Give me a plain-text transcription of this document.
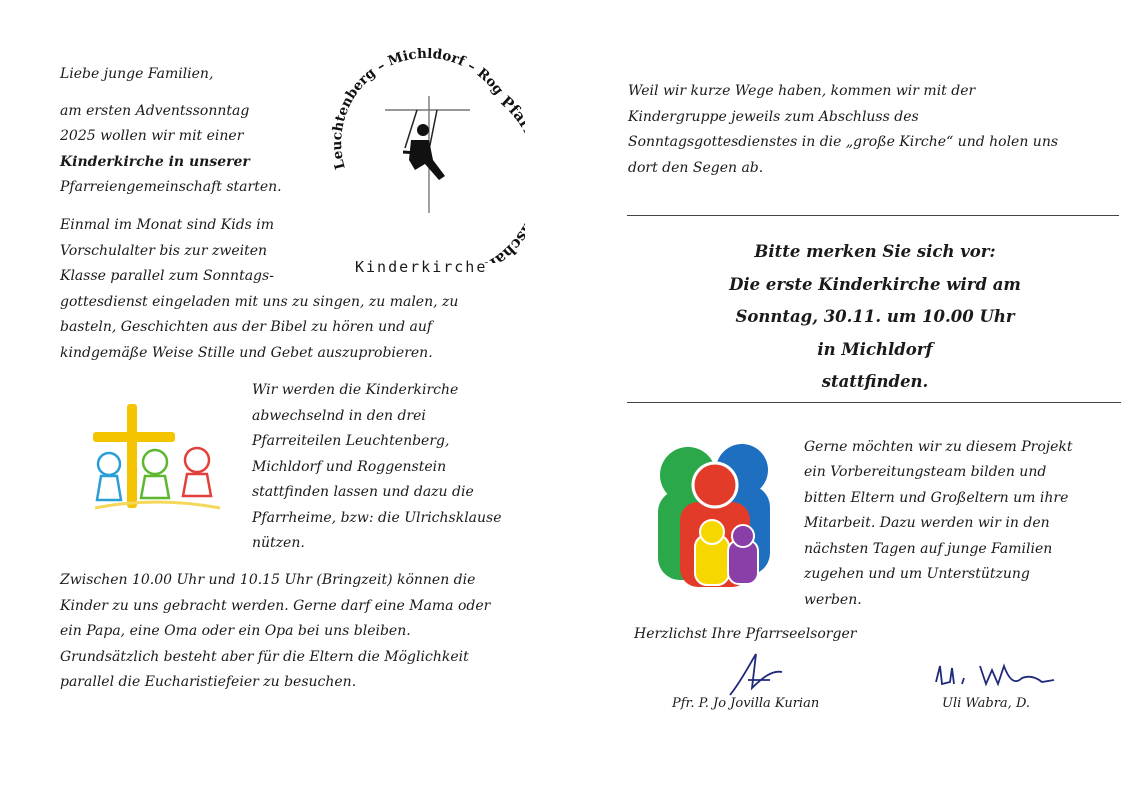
Liebe junge Familien,
am ersten Adventssonntag
2025 wollen wir mit einer
Kinderkirche in unserer
Pfarreiengemeinschaft starten.
Einmal im Monat sind Kids im
Vorschulalter bis zur zweiten
Klasse parallel zum Sonntags-
gottesdienst eingeladen mit uns zu singen, zu malen, zu
basteln, Geschichten aus der Bibel zu hören und auf
kindgemäße Weise Stille und Gebet auszuprobieren.
Leuchtenberg – Michldorf – Rog
Pf cha
Kinderkirche
Wir werden die Kinderkirche
abwechselnd in den drei
Pfarreiteilen Leuchtenberg,
Michldorf und Roggenstein
stattfinden lassen und dazu die
Pfarrheime, bzw: die Ulrichsklause
nützen.
Zwischen 10.00 Uhr und 10.15 Uhr (Bringzeit) können die
Kinder zu uns gebracht werden. Gerne darf eine Mama oder
ein Papa, eine Oma oder ein Opa bei uns bleiben.
Grundsätzlich besteht aber für die Eltern die Möglichkeit
parallel die Eucharistiefeier zu besuchen.
Weil wir kurze Wege haben, kommen wir mit der
Kindergruppe jeweils zum Abschluss des
Sonntagsgottesdienstes in die „große Kirche“ und holen uns
dort den Segen ab.
Bitte merken Sie sich vor:
Die erste Kinderkirche wird am
Sonntag, 30.11. um 10.00 Uhr
in Michldorf
stattfinden.
Gerne möchten wir zu diesem Projekt
ein Vorbereitungsteam bilden und
bitten Eltern und Großeltern um ihre
Mitarbeit. Dazu werden wir in den
nächsten Tagen auf junge Familien
zugehen und um Unterstützung
werben.
Herzlichst Ihre Pfarrseelsorger
Pfr. P. Jo Jovilla Kurian	Uli Wabra, D.
